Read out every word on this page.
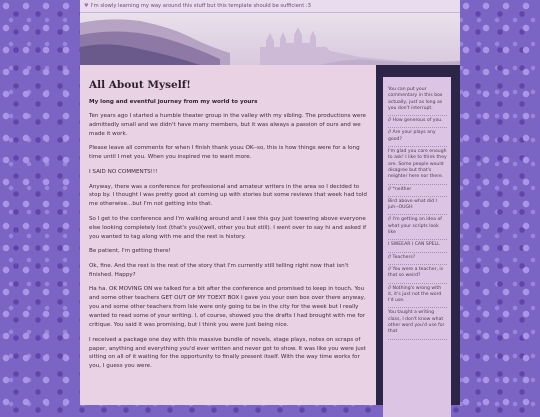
♥ I'm slowly learning my way around this stuff but this template should be sufficient :3
All About Myself!
My long and eventful journey from my world to yours

Ten years ago I started a humble theater group in the valley with my sibling. The productions were admittedly small and we didn't have many members, but it was always a passion of ours and we made it work.

Please leave all comments for when I finish thank youu OK--so, this is how things were for a long time until I met you. When you inspired me to want more.

I SAID NO COMMENTS!!!

Anyway, there was a conference for professional and amateur writers in the area so I decided to stop by. I thought I was pretty good at coming up with stories but some reviews that week had told me otherwise...but I'm not getting into that.

So I get to the conference and I'm walking around and I see this guy just towering above everyone else looking completely lost (that's you)(well, other you but still). I went over to say hi and asked if you wanted to tag along with me and the rest is history.

Be patient, I'm getting there!

Ok, fine. And the rest is the rest of the story that I'm currently still telling right now that isn't finished. Happy?

Ha ha. OK MOVING ON we talked for a bit after the conference and promised to keep in touch. You and some other teachers GET OUT OF MY TOEXT BOX I gave you your own box over there anyway, you and some other teachers from Isle were only going to be in the city for the week but I really wanted to read some of your writing. I, of course, showed you the drafts I had brought with me for critique. You said it was promising, but I think you were just being nice.

I received a package one day with this massive bundle of novels, stage plays, notes on scraps of paper, anything and everything you'd ever written and never got to show. It was like you were just sitting on all of it waiting for the opportunity to finally present itself. With the way time works for you, I guess you were.

You can put your commentary in this box actually, just as long as you don't interrupt.
// How generous of you.
// Are your plays any good?
I'm glad you care enough to ask! I like to think they are. Some people would disagree but that's neighter here nor there.
// *neither
Bird above what did I juh--OUGH
// I'm getting an idea of what your scripts look like
I SWEEAR I CAN SPELL
// Teachers?
// You were a teacher, is that so weird?
// Nothing's wrong with it, it's just not the word I'd use.
You taught a writing class, I don't know what other word you'd use for that
